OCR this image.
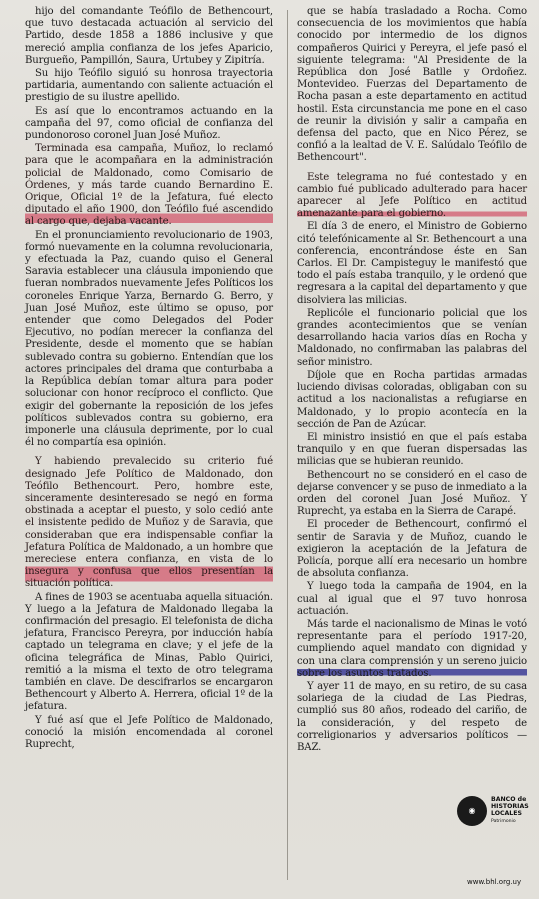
hijo del comandante Teófilo de Bethencourt, que tuvo destacada actuación al servicio del Partido, desde 1858 a 1886 inclusive y que mereció amplia confianza de los jefes Aparicio, Burgueño, Pampillón, Saura, Urtubey y Zipitría.

Su hijo Teófilo siguió su honrosa trayectoria partidaria, aumentando con saliente actuación el prestigio de su ilustre apellido.

Es así que lo encontramos actuando en la campaña del 97, como oficial de confianza del pundonoroso coronel Juan José Muñoz.

Terminada esa campaña, Muñoz, lo reclamó para que le acompañara en la administración policial de Maldonado, como Comisario de Órdenes, y más tarde cuando Bernardino E. Orique, Oficial 1º de la Jefatura, fué electo diputado el año 1900, don Teófilo fué ascendido al cargo que, dejaba vacante.

En el pronunciamiento revolucionario de 1903, formó nuevamente en la columna revolucionaria, y efectuada la Paz, cuando quiso el General Saravia establecer una cláusula imponiendo que fueran nombrados nuevamente Jefes Políticos los coroneles Enrique Yarza, Bernardo G. Berro, y Juan José Muñoz, este último se opuso, por entender que como Delegados del Poder Ejecutivo, no podían merecer la confianza del Presidente, desde el momento que se habían sublevado contra su gobierno. Entendían que los actores principales del drama que conturbaba a la República debían tomar altura para poder solucionar con honor recíproco el conflicto. Que exigir del gobernante la reposición de los jefes políticos sublevados contra su gobierno, era imponerle una cláusula deprimente, por lo cual él no compartía esa opinión.

Y habiendo prevalecido su criterio fué designado Jefe Político de Maldonado, don Teófilo Bethencourt. Pero, hombre este, sinceramente desinteresado se negó en forma obstinada a aceptar el puesto, y solo cedió ante el insistente pedido de Muñoz y de Saravia, que consideraban que era indispensable confiar la Jefatura Política de Maldonado, a un hombre que mereciese entera confianza, en vista de lo insegura y confusa que ellos presentían la situación política.

A fines de 1903 se acentuaba aquella situación. Y luego a la Jefatura de Maldonado llegaba la confirmación del presagio. El telefonista de dicha jefatura, Francisco Pereyra, por inducción había captado un telegrama en clave; y el jefe de la oficina telegráfica de Minas, Pablo Quirici, remitió a la misma el texto de otro telegrama también en clave. De descifrarlos se encargaron Bethencourt y Alberto A. Herrera, oficial 1º de la jefatura.

Y fué así que el Jefe Político de Maldonado, conoció la misión encomendada al coronel Ruprecht,

que se había trasladado a Rocha. Como consecuencia de los movimientos que había conocido por intermedio de los dignos compañeros Quirici y Pereyra, el jefe pasó el siguiente telegrama: "Al Presidente de la República don José Batlle y Ordoñez. Montevideo. Fuerzas del Departamento de Rocha pasan a este departamento en actitud hostil. Esta circunstancia me pone en el caso de reunir la división y salir a campaña en defensa del pacto, que en Nico Pérez, se confió a la lealtad de V. E. Salúdalo Teófilo de Bethencourt".

Este telegrama no fué contestado y en cambio fué publicado adulterado para hacer aparecer al Jefe Político en actitud amenazante para el gobierno.

El día 3 de enero, el Ministro de Gobierno citó telefónicamente al Sr. Bethencourt a una conferencia, encontrándose éste en San Carlos. El Dr. Campisteguy le manifestó que todo el país estaba tranquilo, y le ordenó que regresara a la capital del departamento y que disolviera las milicias.

Replicóle el funcionario policial que los grandes acontecimientos que se venían desarrollando hacia varios días en Rocha y Maldonado, no confirmaban las palabras del señor ministro.

Díjole que en Rocha partidas armadas luciendo divisas coloradas, obligaban con su actitud a los nacionalistas a refugiarse en Maldonado, y lo propio acontecía en la sección de Pan de Azúcar.

El ministro insistió en que el país estaba tranquilo y en que fueran dispersadas las milicias que se hubieran reunido.

Bethencourt no se consideró en el caso de dejarse convencer y se puso de inmediato a la orden del coronel Juan José Muñoz. Y Ruprecht, ya estaba en la Sierra de Carapé.

El proceder de Bethencourt, confirmó el sentir de Saravia y de Muñoz, cuando le exigieron la aceptación de la Jefatura de Policía, porque allí era necesario un hombre de absoluta confianza.

Y luego toda la campaña de 1904, en la cual al igual que el 97 tuvo honrosa actuación.

Más tarde el nacionalismo de Minas le votó representante para el período 1917-20, cumpliendo aquel mandato con dignidad y con una clara comprensión y un sereno juicio sobre los asuntos tratados.

Y ayer 11 de mayo, en su retiro, de su casa solariega de la ciudad de Las Piedras, cumplió sus 80 años, rodeado del cariño, de la consideración, y del respeto de correligionarios y adversarios políticos — BAZ.

◉
BANCO de
HISTORIAS
LOCALES
Patrimonio
www.bhl.org.uy
